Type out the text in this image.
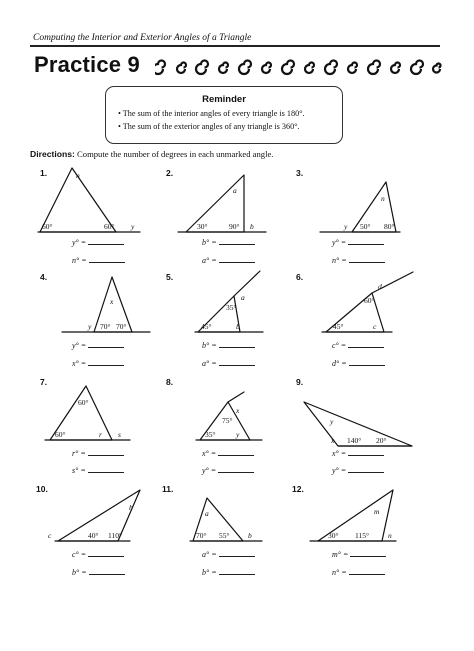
Computing the Interior and Exterior Angles of a Triangle
Practice 9
Reminder
• The sum of the interior angles of every triangle is 180°.
• The sum of the exterior angles of any triangle is 360°.
Directions: Compute the number of degrees in each unmarked angle.
n
60°	60° y
a
30°	90° b
n
y 50° 80°
x
y 70° 70°
35°
45°	b
a
d
60°
45°	c
60°
60°	r s
x
75°
35°	y
y
x 140° 20°
b
c	40° 110°
a
70° 55° b
m
n
30° 115°
1.	2.	3.
4.	5.	6.
7.	8.	9.
10.	11.	12.
y° =
n° =
b° =
a° =
y° =
n° =
y° =
x° =
b° =
a° =
c° =
d° =
r° =
s° =
x° =
y° =
x° =
y° =
c° =
b° =
a° =
b° =
m° =
n° =
